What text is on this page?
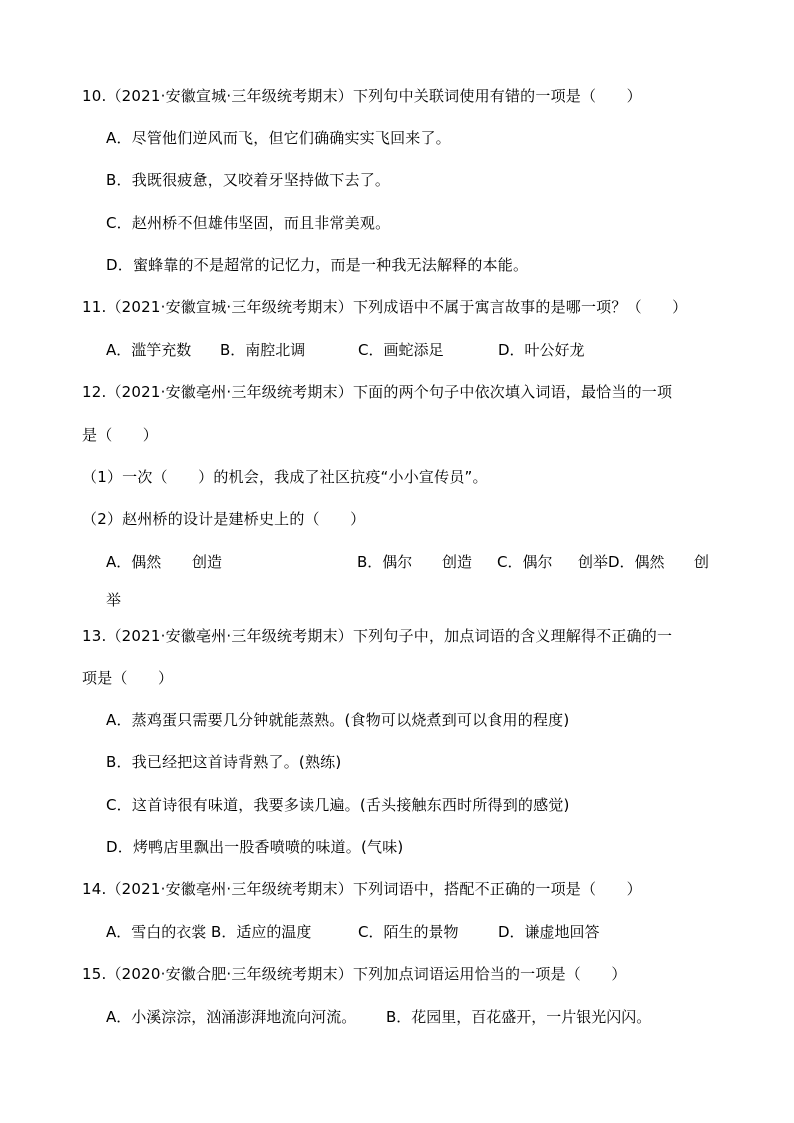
10.（2021·安徽宣城·三年级统考期末）下列句中关联词使用有错的一项是（　　）
A．尽管他们逆风而飞，但它们确确实实飞回来了。
B．我既很疲惫，又咬着牙坚持做下去了。
C．赵州桥不但雄伟坚固，而且非常美观。
D．蜜蜂靠的不是超常的记忆力，而是一种我无法解释的本能。
11.（2021·安徽宣城·三年级统考期末）下列成语中不属于寓言故事的是哪一项？（　　）
A．滥竽充数 B．南腔北调	C．画蛇添足	D．叶公好龙
12.（2021·安徽亳州·三年级统考期末）下面的两个句子中依次填入词语，最恰当的一项
是（　　）
（1）一次（　　）的机会，我成了社区抗疫“小小宣传员”。
（2）赵州桥的设计是建桥史上的（　　）
A．偶然 创造	B．偶尔 创造 C．偶尔 创举D．偶然 创
举
13.（2021·安徽亳州·三年级统考期末）下列句子中，加点词语的含义理解得不正确的一
项是（　　）
A．蒸鸡蛋只需要几分钟就能蒸熟。(食物可以烧煮到可以食用的程度)
B．我已经把这首诗背熟了。(熟练)
C．这首诗很有味道，我要多读几遍。(舌头接触东西时所得到的感觉)
D．烤鸭店里飘出一股香喷喷的味道。(气味)
14.（2021·安徽亳州·三年级统考期末）下列词语中，搭配不正确的一项是（　　）
A．雪白的衣裳 B．适应的温度	C．陌生的景物	D．谦虚地回答
15.（2020·安徽合肥·三年级统考期末）下列加点词语运用恰当的一项是（　　）
A．小溪淙淙，汹涌澎湃地流向河流。 B．花园里，百花盛开，一片银光闪闪。
